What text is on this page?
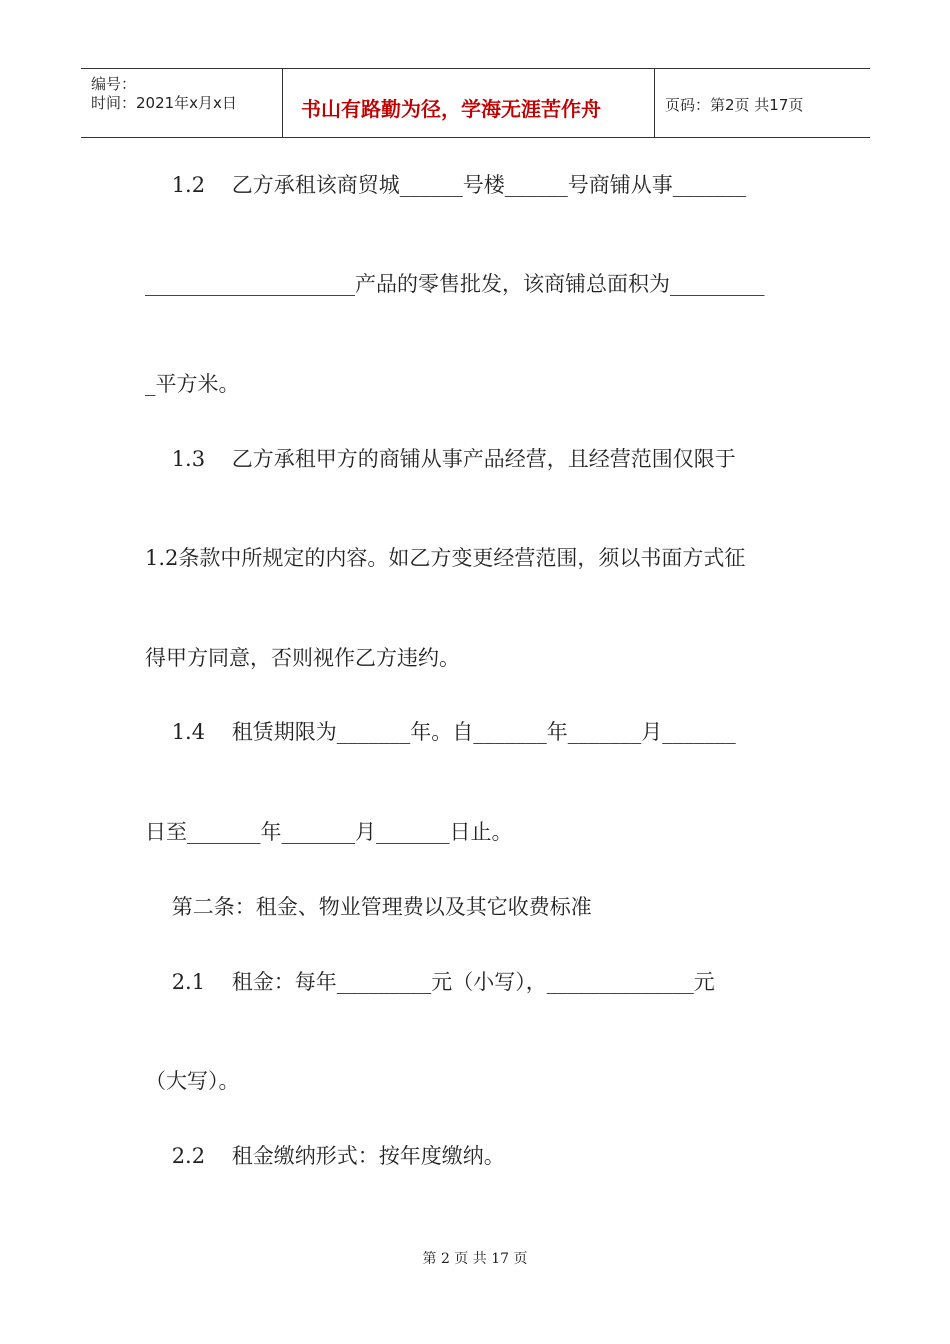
编号：
时间：2021年x月x日	书山有路勤为径，学海无涯苦作舟	页码：第2页 共17页
1.2    乙方承租该商贸城______号楼______号商铺从事_______
____________________产品的零售批发，该商铺总面积为_________
_平方米。
1.3    乙方承租甲方的商铺从事产品经营，且经营范围仅限于
1.2条款中所规定的内容。如乙方变更经营范围，须以书面方式征
得甲方同意，否则视作乙方违约。
1.4    租赁期限为_______年。自_______年_______月_______
日至_______年_______月_______日止。
第二条：租金、物业管理费以及其它收费标准
2.1    租金：每年_________元（小写），______________元
（大写）。
2.2    租金缴纳形式：按年度缴纳。
第 2 页 共 17 页
